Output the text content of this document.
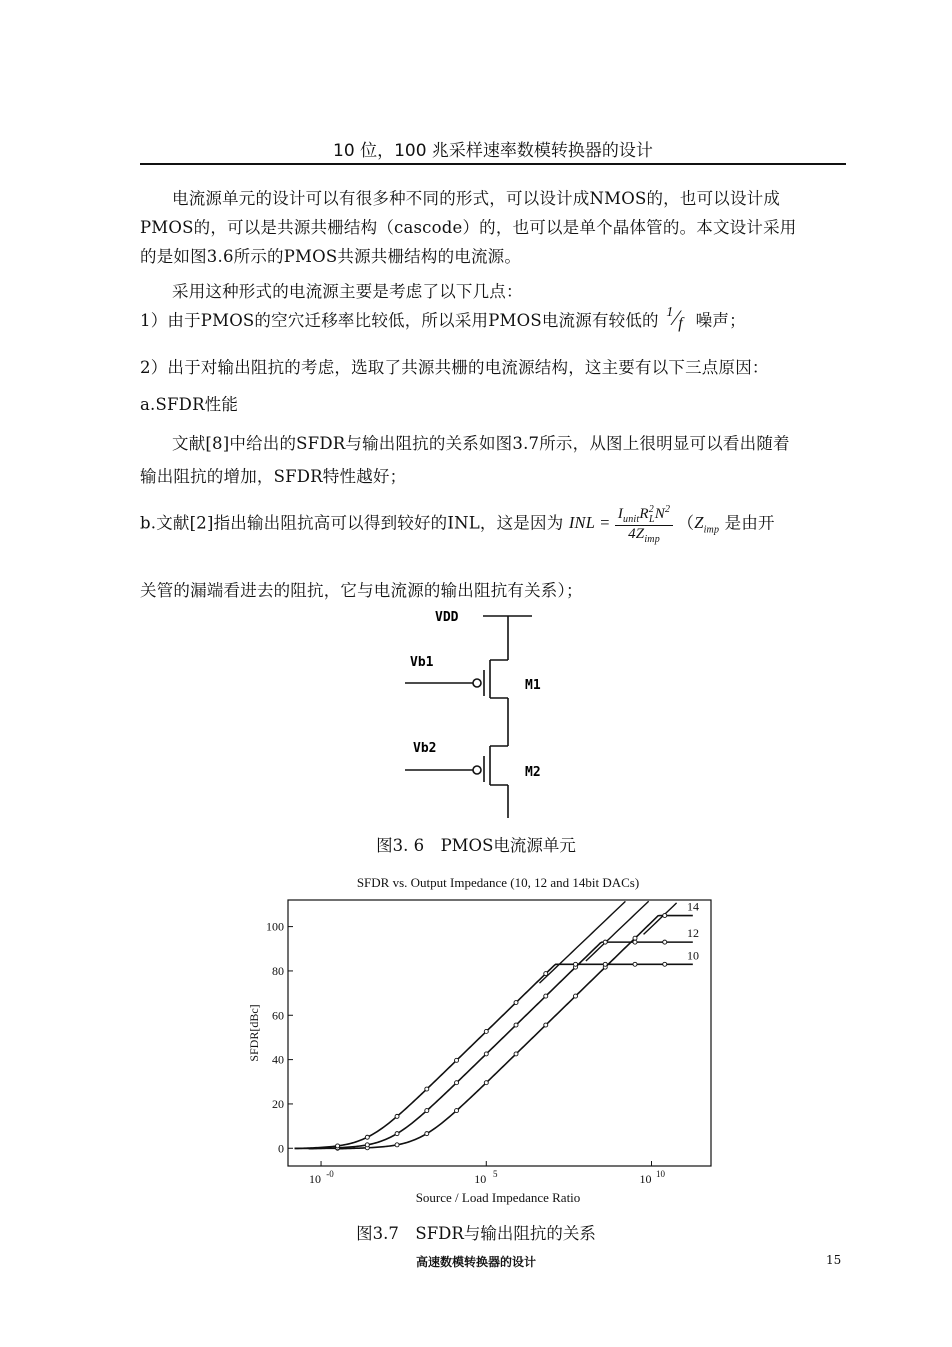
10 位，100 兆采样速率数模转换器的设计
电流源单元的设计可以有很多种不同的形式，可以设计成NMOS的，也可以设计成
PMOS的，可以是共源共栅结构（cascode）的，也可以是单个晶体管的。本文设计采用
的是如图3.6所示的PMOS共源共栅结构的电流源。
采用这种形式的电流源主要是考虑了以下几点：
1）由于PMOS的空穴迁移率比较低，所以采用PMOS电流源有较低的 1 ⁄ f 噪声；
2）出于对输出阻抗的考虑，选取了共源共栅的电流源结构，这主要有以下三点原因：
a.SFDR性能
文献[8]中给出的SFDR与输出阻抗的关系如图3.7所示，从图上很明显可以看出随着
输出阻抗的增加，SFDR特性越好；
b.文献[2]指出输出阻抗高可以得到较好的INL，这是因为 INL = $\frac{I_{unit}R^2_LN^2}{4Z_{imp}} (Z_{imp}$ 是由开
关管的漏端看进去的阻抗，它与电流源的输出阻抗有关系）；
VDD
Vb1
M1
Vb2
M2
图3. 6　PMOS电流源单元
SFDR vs. Output Impedance (10, 12 and 14bit DACs)
0
20
40
60
80
100
10 -0	10 5	10 10
14
12
10
Source / Load Impedance Ratio
SFDR[dBc]
图3.7　SFDR与输出阻抗的关系
高速数模转换器的设计	15
